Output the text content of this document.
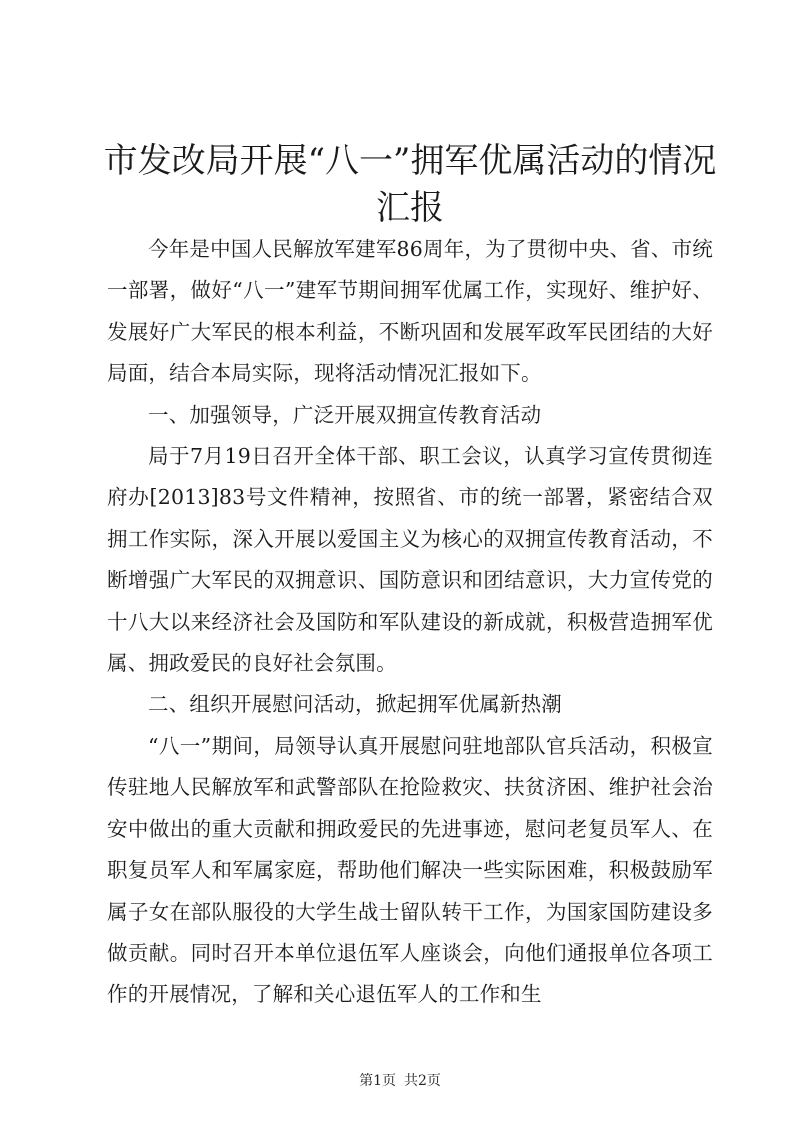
市发改局开展“八一”拥军优属活动的情况汇报

今年是中国人民解放军建军86周年，为了贯彻中央、省、市统一部署，做好“八一”建军节期间拥军优属工作，实现好、维护好、发展好广大军民的根本利益，不断巩固和发展军政军民团结的大好局面，结合本局实际，现将活动情况汇报如下。

一、加强领导，广泛开展双拥宣传教育活动

局于7月19日召开全体干部、职工会议，认真学习宣传贯彻连府办[2013]83号文件精神，按照省、市的统一部署，紧密结合双拥工作实际，深入开展以爱国主义为核心的双拥宣传教育活动，不断增强广大军民的双拥意识、国防意识和团结意识，大力宣传党的十八大以来经济社会及国防和军队建设的新成就，积极营造拥军优属、拥政爱民的良好社会氛围。

二、组织开展慰问活动，掀起拥军优属新热潮

“八一”期间，局领导认真开展慰问驻地部队官兵活动，积极宣传驻地人民解放军和武警部队在抢险救灾、扶贫济困、维护社会治安中做出的重大贡献和拥政爱民的先进事迹，慰问老复员军人、在职复员军人和军属家庭，帮助他们解决一些实际困难，积极鼓励军属子女在部队服役的大学生战士留队转干工作，为国家国防建设多做贡献。同时召开本单位退伍军人座谈会，向他们通报单位各项工作的开展情况，了解和关心退伍军人的工作和生

第1页 共2页
